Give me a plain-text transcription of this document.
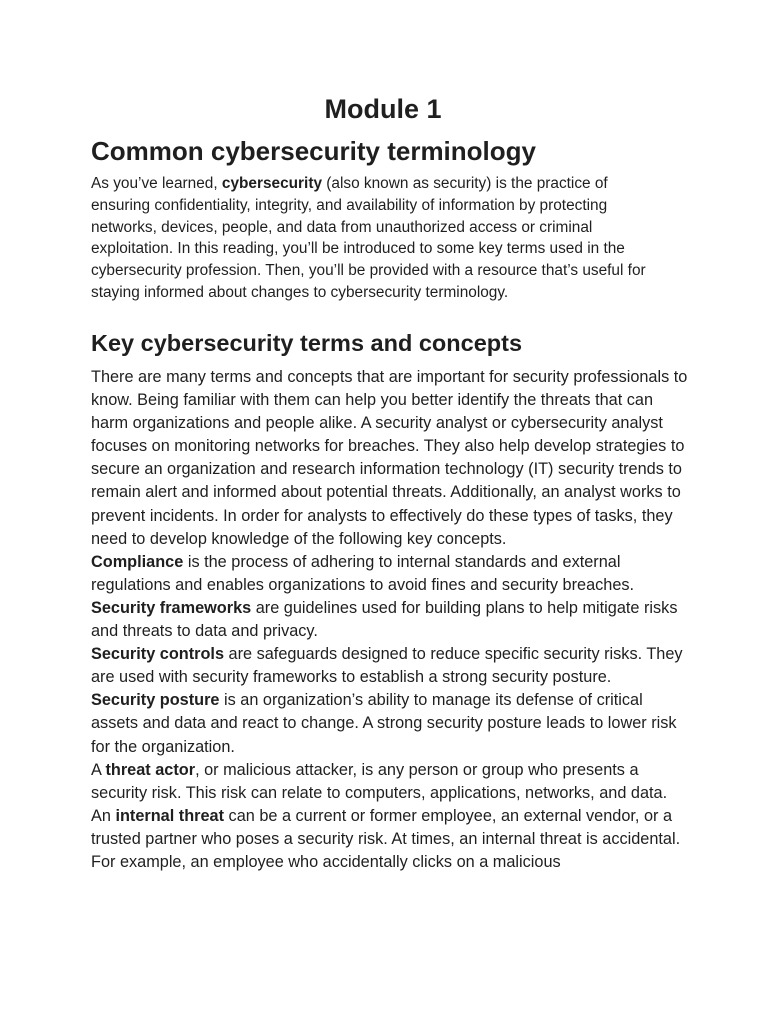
Module 1
Common cybersecurity terminology

As you’ve learned, cybersecurity (also known as security) is the practice of ensuring confidentiality, integrity, and availability of information by protecting networks, devices, people, and data from unauthorized access or criminal exploitation. In this reading, you’ll be introduced to some key terms used in the cybersecurity profession. Then, you’ll be provided with a resource that’s useful for staying informed about changes to cybersecurity terminology.

Key cybersecurity terms and concepts

There are many terms and concepts that are important for security professionals to know. Being familiar with them can help you better identify the threats that can harm organizations and people alike. A security analyst or cybersecurity analyst focuses on monitoring networks for breaches. They also help develop strategies to secure an organization and research information technology (IT) security trends to remain alert and informed about potential threats. Additionally, an analyst works to prevent incidents. In order for analysts to effectively do these types of tasks, they need to develop knowledge of the following key concepts.

Compliance is the process of adhering to internal standards and external regulations and enables organizations to avoid fines and security breaches.

Security frameworks are guidelines used for building plans to help mitigate risks and threats to data and privacy.

Security controls are safeguards designed to reduce specific security risks. They are used with security frameworks to establish a strong security posture.

Security posture is an organization’s ability to manage its defense of critical assets and data and react to change. A strong security posture leads to lower risk for the organization.

A threat actor, or malicious attacker, is any person or group who presents a security risk. This risk can relate to computers, applications, networks, and data.

An internal threat can be a current or former employee, an external vendor, or a trusted partner who poses a security risk. At times, an internal threat is accidental. For example, an employee who accidentally clicks on a malicious
